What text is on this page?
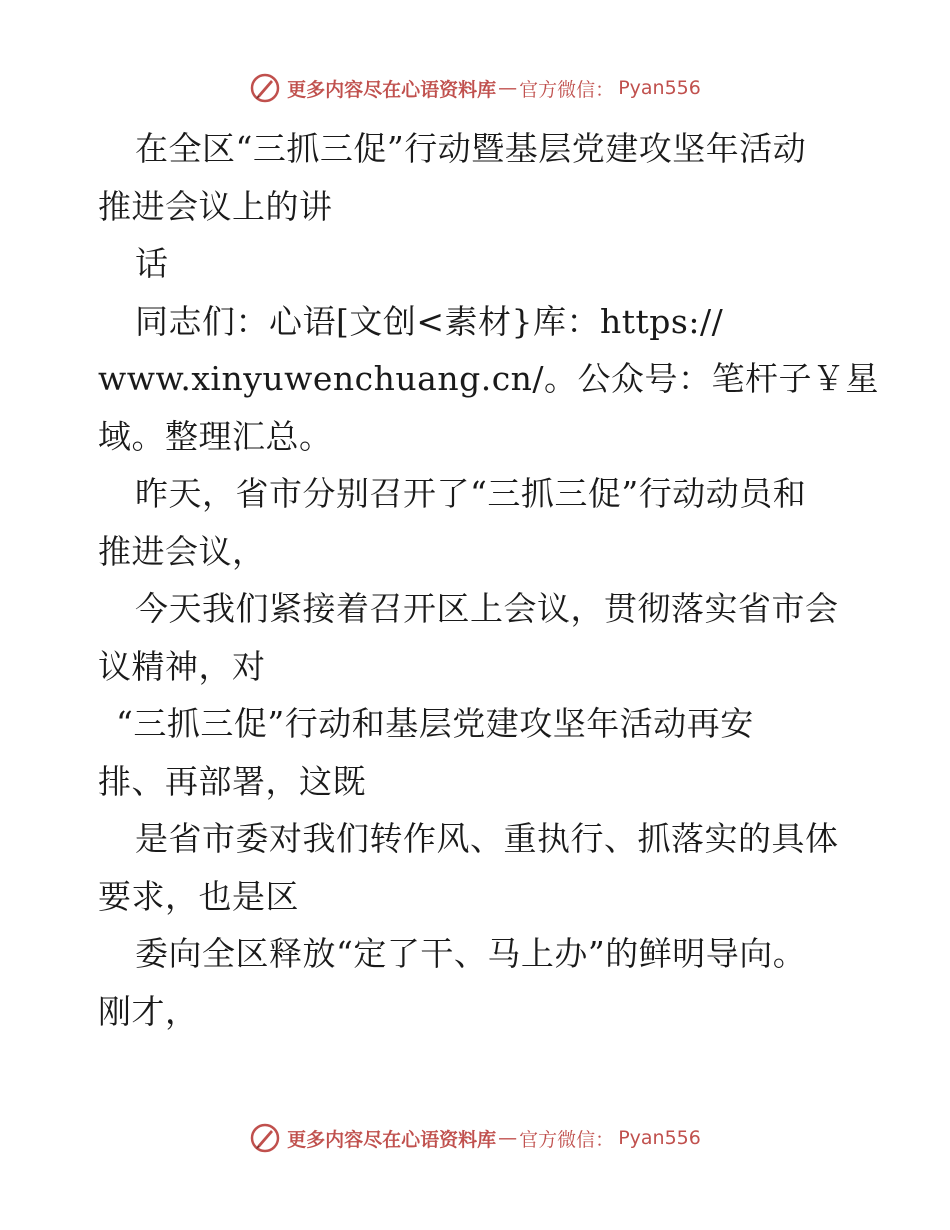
更多内容尽在心语资料库 — 官方微信： Pyan556
在全区“三抓三促”行动暨基层党建攻坚年活动
推进会议上的讲
话
同志们：心语[文创<素材}库：https://
www.xinyuwenchuang.cn/。公众号：笔杆子￥星
域。整理汇总。
昨天，省市分别召开了“三抓三促”行动动员和
推进会议，
今天我们紧接着召开区上会议，贯彻落实省市会
议精神，对
“三抓三促”行动和基层党建攻坚年活动再安
排、再部署，这既
是省市委对我们转作风、重执行、抓落实的具体
要求，也是区
委向全区释放“定了干、马上办”的鲜明导向。
刚才，
更多内容尽在心语资料库 — 官方微信： Pyan556
